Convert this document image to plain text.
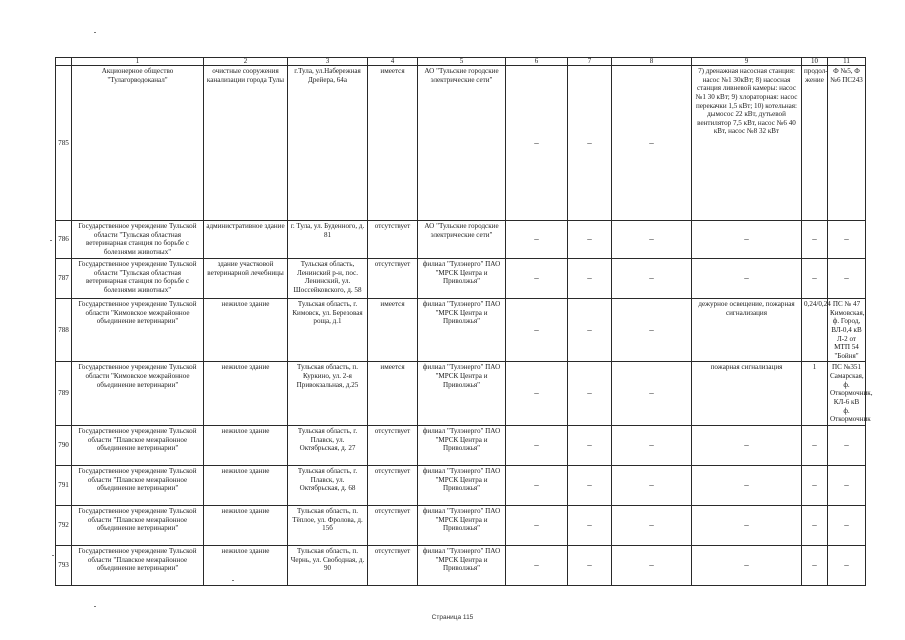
	1	2	3	4	5	6	7	8	9	10	11
785	Акционерное общество "Тулагорводоканал"	очистные сооружения канализации города Тулы	г.Тула, ул.Набережная Дрейера, 64а	имеется	АО "Тульские городские электрические сети"	–	–	–	7) дренажная насосная станция: насос №1 30кВт; 8) насосная станция ливневой камеры: насос №1 30 кВт; 9) хлораторная: насос перекачки 1,5 кВт; 10) котельная: дымосос 22 кВт, дутьевой вентилятор 7,5 кВт, насос №6 40 кВт, насос №8 32 кВт	продол-жение	Ф №5, Ф №6 ПС243
786	Государственное учреждение Тульской области "Тульская областная ветеринарная станция по борьбе с болезнями животных"	административное здание	г. Тула, ул. Буденного, д. 81	отсутствует	АО "Тульские городские электрические сети"	–	–	–	–	–	–
787	Государственное учреждение Тульской области "Тульская областная ветеринарная станция по борьбе с болезнями животных"	здание участковой ветеринарной лечебницы	Тульская область, Ленинский р-н, пос. Ленинский, ул. Шоссейковского, д. 58	отсутствует	филиал "Тулэнерго" ПАО "МРСК Центра и Приволжья"	–	–	–	–	–	–
788	Государственное учреждение Тульской области "Кимовское межрайонное объединение ветеринарии"	нежилое здание	Тульская область, г. Кимовск, ул. Березовая роща, д.1	имеется	филиал "Тулэнерго" ПАО "МРСК Центра и Приволжья"	–	–	–	дежурное освещение, пожарная сигнализация	0,24/0,24	ПС № 47 Кимовская, ф. Город, ВЛ-0,4 кВ Л-2 от МТП 54 "Бойня"
789	Государственное учреждение Тульской области "Кимовское межрайонное объединение ветеринарии"	нежилое здание	Тульская область, п. Куркино, ул. 2-я Привокзальная, д.25	имеется	филиал "Тулэнерго" ПАО "МРСК Центра и Приволжья"	–	–	–	пожарная сигнализация	1	ПС №351 Самарская, ф. Откормочник, КЛ-6 кВ ф. Откормочник
790	Государственное учреждение Тульской области "Плавское межрайонное объединение ветеринарии"	нежилое здание	Тульская область, г. Плавск, ул. Октябрьская, д. 27	отсутствует	филиал "Тулэнерго" ПАО "МРСК Центра и Приволжья"	–	–	–	–	–	–
791	Государственное учреждение Тульской области "Плавское межрайонное объединение ветеринарии"	нежилое здание	Тульская область, г. Плавск, ул. Октябрьская, д. 68	отсутствует	филиал "Тулэнерго" ПАО "МРСК Центра и Приволжья"	–	–	–	–	–	–
792	Государственное учреждение Тульской области "Плавское межрайонное объединение ветеринарии"	нежилое здание	Тульская область, п. Тёплое, ул. Фролова, д. 15б	отсутствует	филиал "Тулэнерго" ПАО "МРСК Центра и Приволжья"	–	–	–	–	–	–
793	Государственное учреждение Тульской области "Плавское межрайонное объединение ветеринарии"	нежилое здание	Тульская область, п. Чернь, ул. Свободная, д. 90	отсутствует	филиал "Тулэнерго" ПАО "МРСК Центра и Приволжья"	–	–	–	–	–	–
Страница 115
